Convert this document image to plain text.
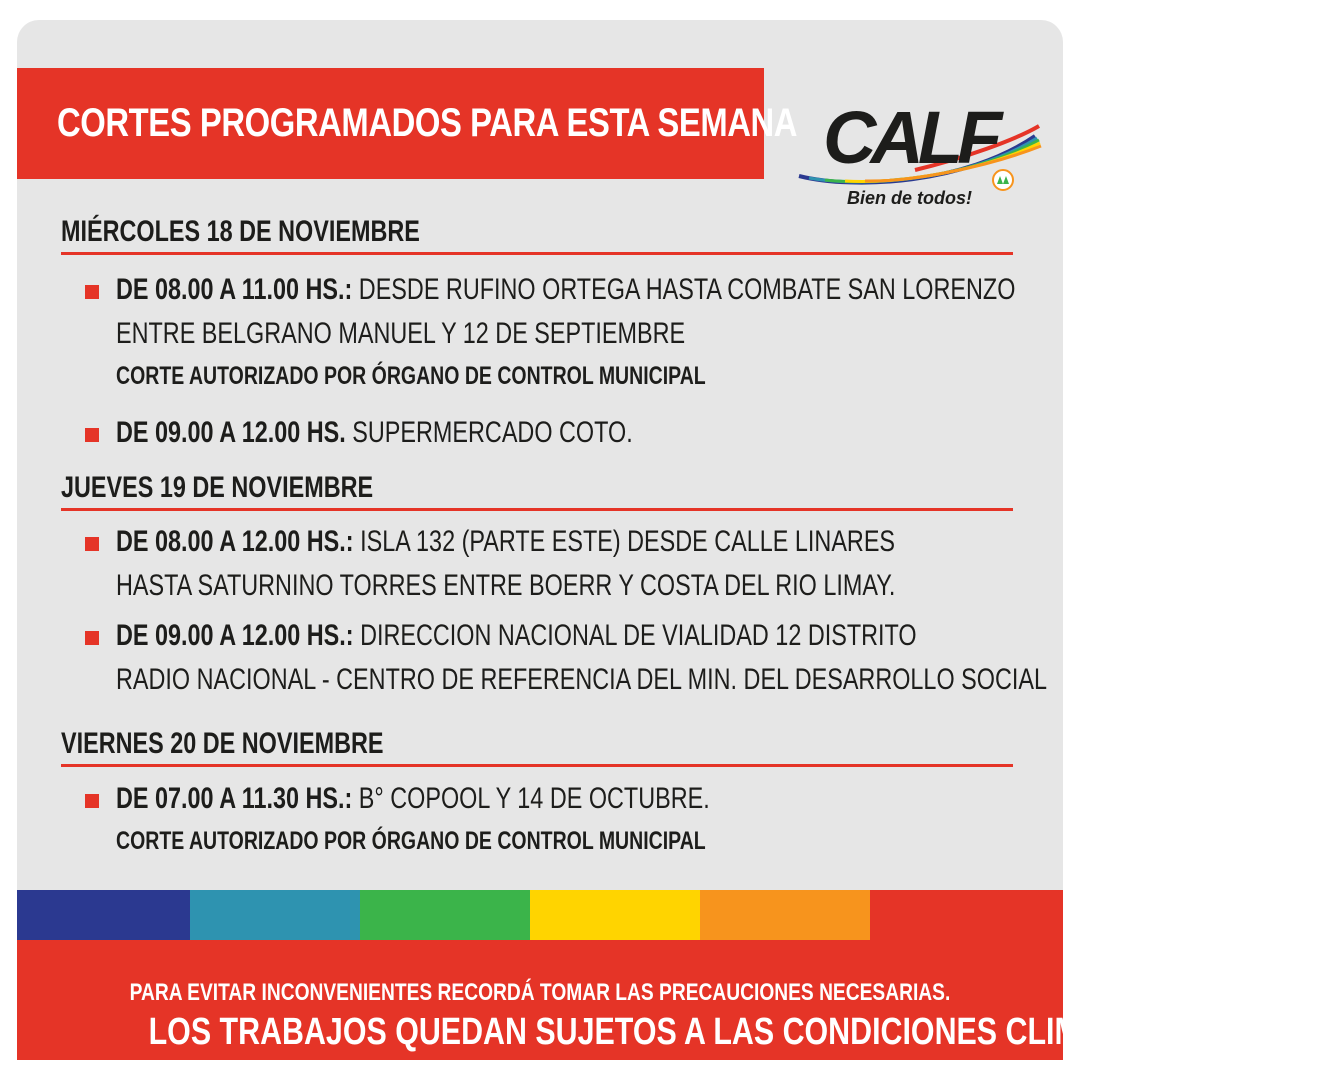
CORTES PROGRAMADOS PARA ESTA SEMANA CALF
Bien de todos!
MIÉRCOLES 18 DE NOVIEMBRE
DE 08.00 A 11.00 HS.: DESDE RUFINO ORTEGA HASTA COMBATE SAN LORENZO
ENTRE BELGRANO MANUEL Y 12 DE SEPTIEMBRE
CORTE AUTORIZADO POR ÓRGANO DE CONTROL MUNICIPAL
DE 09.00 A 12.00 HS. SUPERMERCADO COTO.
JUEVES 19 DE NOVIEMBRE
DE 08.00 A 12.00 HS.: ISLA 132 (PARTE ESTE) DESDE CALLE LINARES
HASTA SATURNINO TORRES ENTRE BOERR Y COSTA DEL RIO LIMAY.
DE 09.00 A 12.00 HS.: DIRECCION NACIONAL DE VIALIDAD 12 DISTRITO
RADIO NACIONAL - CENTRO DE REFERENCIA DEL MIN. DEL DESARROLLO SOCIAL
VIERNES 20 DE NOVIEMBRE
DE 07.00 A 11.30 HS.: B° COPOOL Y 14 DE OCTUBRE.
CORTE AUTORIZADO POR ÓRGANO DE CONTROL MUNICIPAL
PARA EVITAR INCONVENIENTES RECORDÁ TOMAR LAS PRECAUCIONES NECESARIAS.
LOS TRABAJOS QUEDAN SUJETOS A LAS CONDICIONES CLIMÁTICAS.
